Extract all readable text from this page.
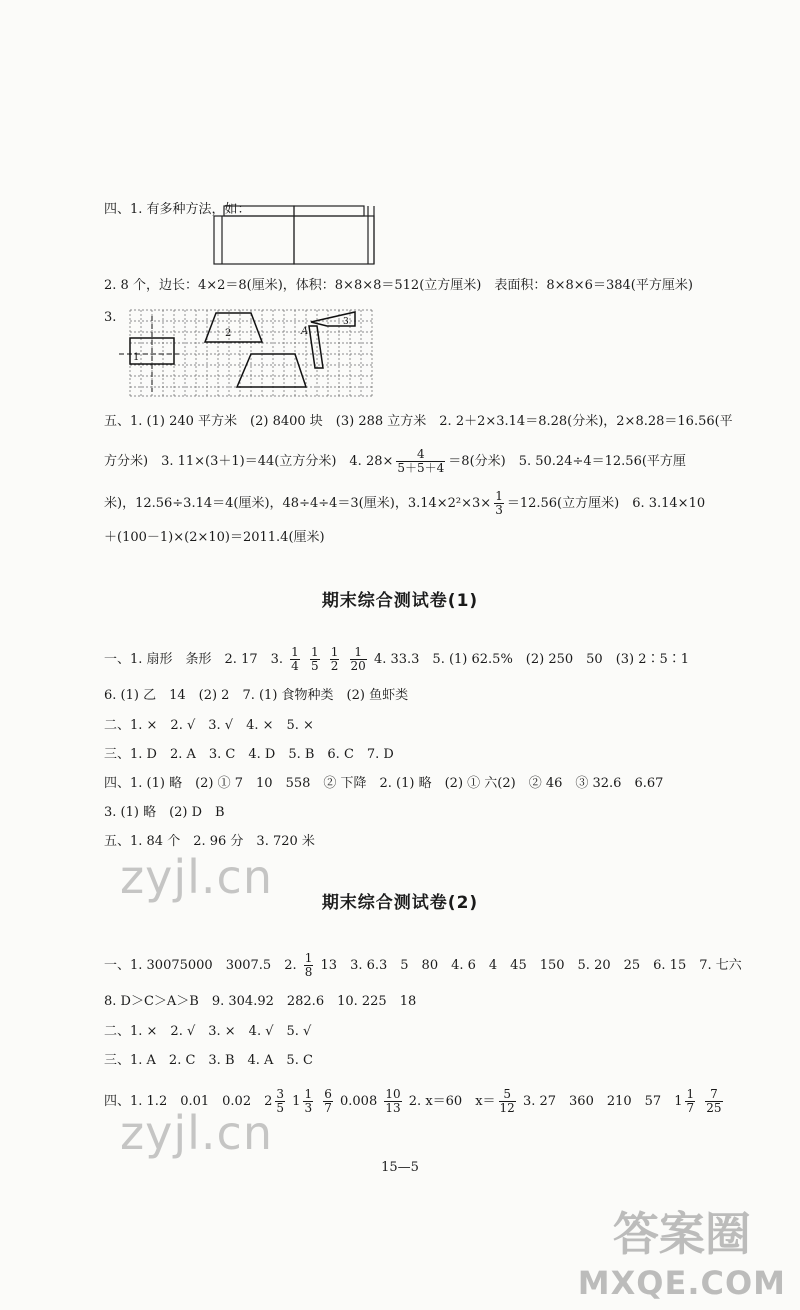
四、1. 有多种方法，如：
2. 8 个，边长：4×2＝8(厘米)，体积：8×8×8＝512(立方厘米)　表面积：8×8×6＝384(平方厘米)
3.
1
2	A
3
五、1. (1) 240 平方米　(2) 8400 块　(3) 288 立方米　2. 2＋2×3.14＝8.28(分米)，2×8.28＝16.56(平
方分米)　3. 11×(3＋1)＝44(立方分米)　4. $28\times \frac{4}{5+5+4} =8$(分米)　5. 50.24÷4＝12.56(平方厘
米)，12.56÷3.14＝4(厘米)，48÷4÷4＝3(厘米)，$3.14\times 2^2\times 3\times \frac{1}{3} =12.56$(立方厘米)　6. 3.14×10
＋(100－1)×(2×10)＝2011.4(厘米)
期末综合测试卷(1)
一、1. 扇形　条形　2. 17　3. $\frac{1}{4}$
$\frac{1}{5}$
$\frac{1}{2}$
$\frac{1}{20} 4$. 33.3　5. (1) 62.5%　(2) 250　50　(3) 2∶5∶1
6. (1) 乙　14　(2) 2　7. (1) 食物种类　(2) 鱼虾类
二、1. ×　2. √　3. √　4. ×　5. ×
三、1. D　2. A　3. C　4. D　5. B　6. C　7. D
四、1. (1) 略　(2) ① 7　10　558　② 下降　2. (1) 略　(2) ① 六(2)　② 46　③ 32.6　6.67
3. (1) 略　(2) D　B
五、1. 84 个　2. 96 分　3. 720 米
zyjl.cn	期末综合测试卷(2)
一、1. 30075000　3007.5　2. $\frac{1}{8} 13$　3. 6.3　5　80　4. 6　4　45　150　5. 20　25　6. 15　7. 七六
8. D＞C＞A＞B　9. 304.92　282.6　10. 225　18
二、1. ×　2. √　3. ×　4. √　5. √
三、1. A　2. C　3. B　4. A　5. C
四、1. 1.2　0.01　0.02　$2 \frac{3}{5} 1 \frac{1}{3}$
$\frac{6}{7} 0.008 \frac{10}{13} 2$. x＝60　$x= \frac{5}{12} 3$. 27　360　210　57　$1 \frac{1}{7}$
$\frac{7}{25}$
zyjl.cn
15—5
答案圈
MXQE.COM
